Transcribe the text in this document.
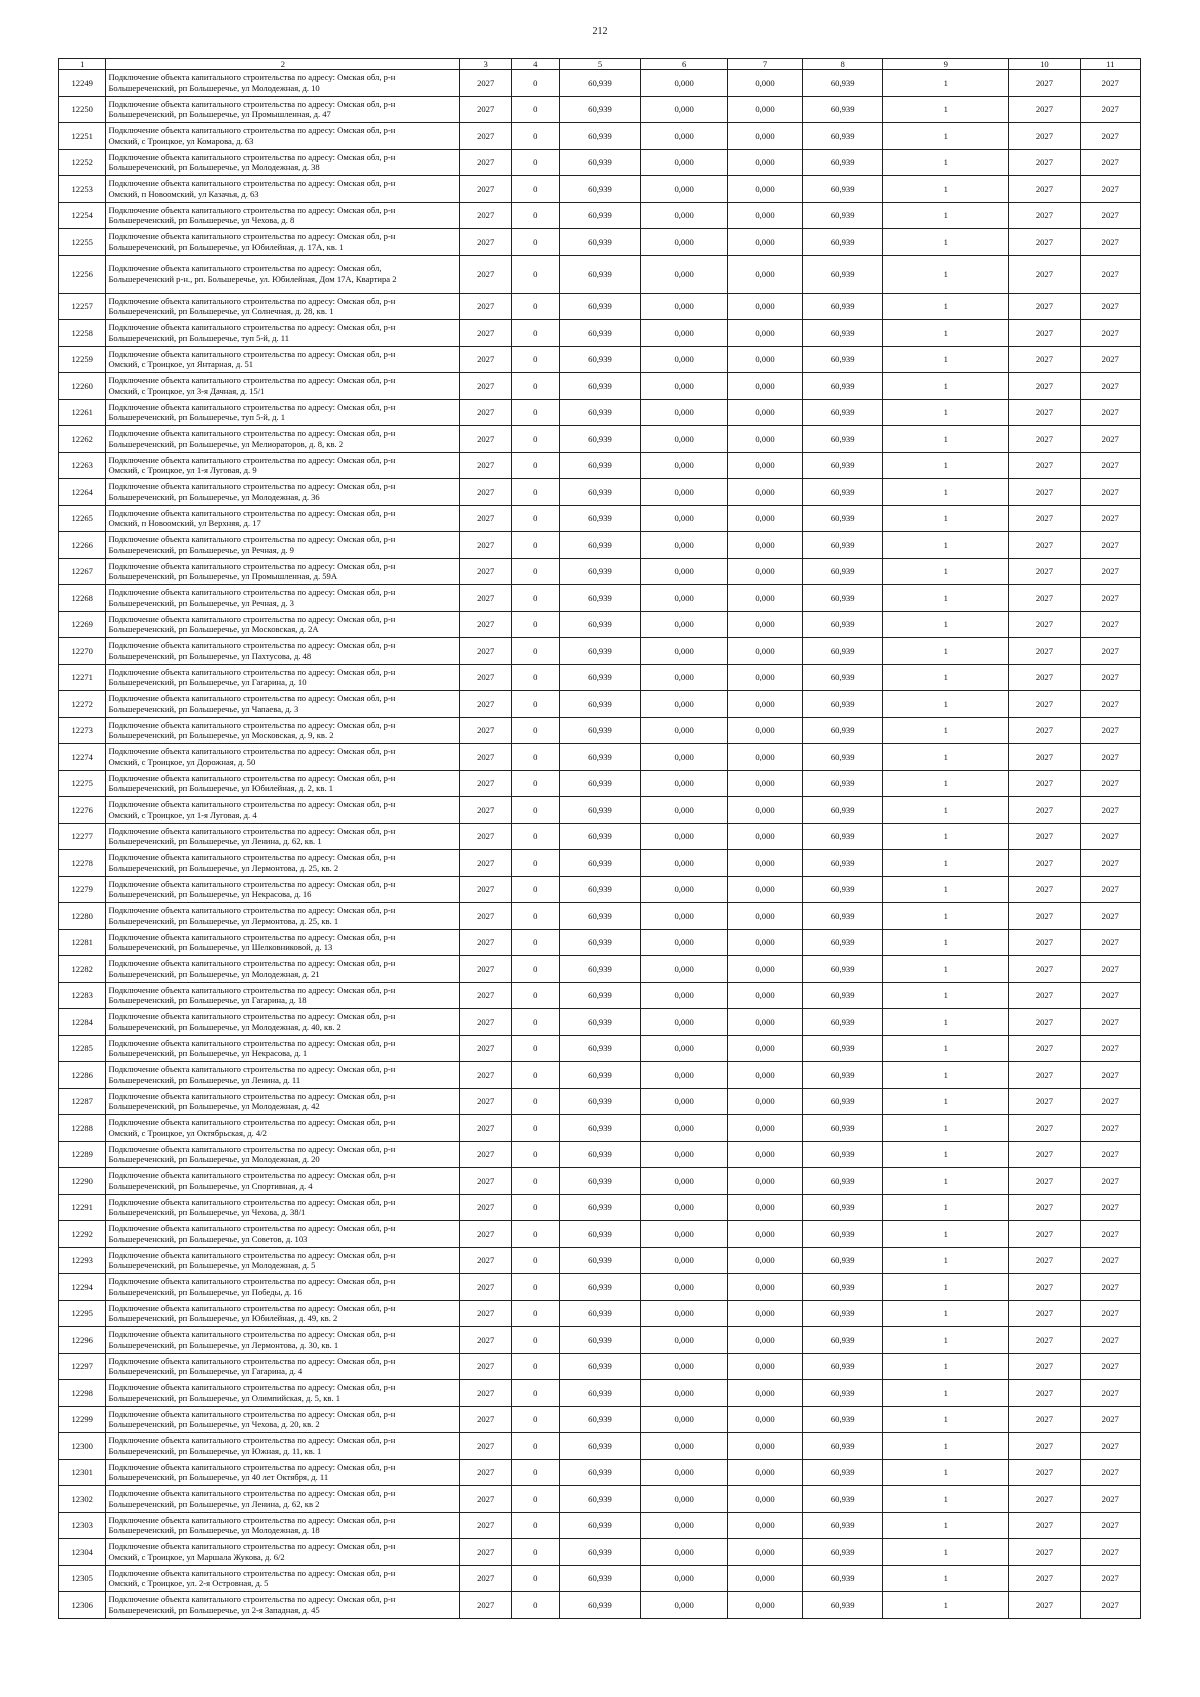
212
1	2	3	4	5	6	7	8	9	10	11
12249	Подключение объекта капитального строительства по адресу: Омская обл, р-н
Большереченский, рп Большеречье, ул Молодежная, д. 10	2027	0	60,939	0,000	0,000	60,939	1	2027	2027
12250	Подключение объекта капитального строительства по адресу: Омская обл, р-н
Большереченский, рп Большеречье, ул Промышленная, д. 47	2027	0	60,939	0,000	0,000	60,939	1	2027	2027
12251	Подключение объекта капитального строительства по адресу: Омская обл, р-н
Омский, с Троицкое, ул Комарова, д. 63	2027	0	60,939	0,000	0,000	60,939	1	2027	2027
12252	Подключение объекта капитального строительства по адресу: Омская обл, р-н
Большереченский, рп Большеречье, ул Молодежная, д. 38	2027	0	60,939	0,000	0,000	60,939	1	2027	2027
12253	Подключение объекта капитального строительства по адресу: Омская обл, р-н
Омский, п Новоомский, ул Казачья, д. 63	2027	0	60,939	0,000	0,000	60,939	1	2027	2027
12254	Подключение объекта капитального строительства по адресу: Омская обл, р-н
Большереченский, рп Большеречье, ул Чехова, д. 8	2027	0	60,939	0,000	0,000	60,939	1	2027	2027
12255	Подключение объекта капитального строительства по адресу: Омская обл, р-н
Большереченский, рп Большеречье, ул Юбилейная, д. 17А, кв. 1	2027	0	60,939	0,000	0,000	60,939	1	2027	2027
12256	Подключение объекта капитального строительства по адресу: Омская обл,
Большереченский р-н., рп. Большеречье, ул. Юбилейная, Дом 17А, Квартира 2	2027	0	60,939	0,000	0,000	60,939	1	2027	2027
12257	Подключение объекта капитального строительства по адресу: Омская обл, р-н
Большереченский, рп Большеречье, ул Солнечная, д. 28, кв. 1	2027	0	60,939	0,000	0,000	60,939	1	2027	2027
12258	Подключение объекта капитального строительства по адресу: Омская обл, р-н
Большереченский, рп Большеречье, туп 5-й, д. 11	2027	0	60,939	0,000	0,000	60,939	1	2027	2027
12259	Подключение объекта капитального строительства по адресу: Омская обл, р-н
Омский, с Троицкое, ул Янтарная, д. 51	2027	0	60,939	0,000	0,000	60,939	1	2027	2027
12260	Подключение объекта капитального строительства по адресу: Омская обл, р-н
Омский, с Троицкое, ул 3-я Дачная, д. 15/1	2027	0	60,939	0,000	0,000	60,939	1	2027	2027
12261	Подключение объекта капитального строительства по адресу: Омская обл, р-н
Большереченский, рп Большеречье, туп 5-й, д. 1	2027	0	60,939	0,000	0,000	60,939	1	2027	2027
12262	Подключение объекта капитального строительства по адресу: Омская обл, р-н
Большереченский, рп Большеречье, ул Мелиораторов, д. 8, кв. 2	2027	0	60,939	0,000	0,000	60,939	1	2027	2027
12263	Подключение объекта капитального строительства по адресу: Омская обл, р-н
Омский, с Троицкое, ул 1-я Луговая, д. 9	2027	0	60,939	0,000	0,000	60,939	1	2027	2027
12264	Подключение объекта капитального строительства по адресу: Омская обл, р-н
Большереченский, рп Большеречье, ул Молодежная, д. 36	2027	0	60,939	0,000	0,000	60,939	1	2027	2027
12265	Подключение объекта капитального строительства по адресу: Омская обл, р-н
Омский, п Новоомский, ул Верхняя, д. 17	2027	0	60,939	0,000	0,000	60,939	1	2027	2027
12266	Подключение объекта капитального строительства по адресу: Омская обл, р-н
Большереченский, рп Большеречье, ул Речная, д. 9	2027	0	60,939	0,000	0,000	60,939	1	2027	2027
12267	Подключение объекта капитального строительства по адресу: Омская обл, р-н
Большереченский, рп Большеречье, ул Промышленная, д. 59А	2027	0	60,939	0,000	0,000	60,939	1	2027	2027
12268	Подключение объекта капитального строительства по адресу: Омская обл, р-н
Большереченский, рп Большеречье, ул Речная, д. 3	2027	0	60,939	0,000	0,000	60,939	1	2027	2027
12269	Подключение объекта капитального строительства по адресу: Омская обл, р-н
Большереченский, рп Большеречье, ул Московская, д. 2А	2027	0	60,939	0,000	0,000	60,939	1	2027	2027
12270	Подключение объекта капитального строительства по адресу: Омская обл, р-н
Большереченский, рп Большеречье, ул Пахтусова, д. 48	2027	0	60,939	0,000	0,000	60,939	1	2027	2027
12271	Подключение объекта капитального строительства по адресу: Омская обл, р-н
Большереченский, рп Большеречье, ул Гагарина, д. 10	2027	0	60,939	0,000	0,000	60,939	1	2027	2027
12272	Подключение объекта капитального строительства по адресу: Омская обл, р-н
Большереченский, рп Большеречье, ул Чапаева, д. 3	2027	0	60,939	0,000	0,000	60,939	1	2027	2027
12273	Подключение объекта капитального строительства по адресу: Омская обл, р-н
Большереченский, рп Большеречье, ул Московская, д. 9, кв. 2	2027	0	60,939	0,000	0,000	60,939	1	2027	2027
12274	Подключение объекта капитального строительства по адресу: Омская обл, р-н
Омский, с Троицкое, ул Дорожная, д. 50	2027	0	60,939	0,000	0,000	60,939	1	2027	2027
12275	Подключение объекта капитального строительства по адресу: Омская обл, р-н
Большереченский, рп Большеречье, ул Юбилейная, д. 2, кв. 1	2027	0	60,939	0,000	0,000	60,939	1	2027	2027
12276	Подключение объекта капитального строительства по адресу: Омская обл, р-н
Омский, с Троицкое, ул 1-я Луговая, д. 4	2027	0	60,939	0,000	0,000	60,939	1	2027	2027
12277	Подключение объекта капитального строительства по адресу: Омская обл, р-н
Большереченский, рп Большеречье, ул Ленина, д. 62, кв. 1	2027	0	60,939	0,000	0,000	60,939	1	2027	2027
12278	Подключение объекта капитального строительства по адресу: Омская обл, р-н
Большереченский, рп Большеречье, ул Лермонтова, д. 25, кв. 2	2027	0	60,939	0,000	0,000	60,939	1	2027	2027
12279	Подключение объекта капитального строительства по адресу: Омская обл, р-н
Большереченский, рп Большеречье, ул Некрасова, д. 16	2027	0	60,939	0,000	0,000	60,939	1	2027	2027
12280	Подключение объекта капитального строительства по адресу: Омская обл, р-н
Большереченский, рп Большеречье, ул Лермонтова, д. 25, кв. 1	2027	0	60,939	0,000	0,000	60,939	1	2027	2027
12281	Подключение объекта капитального строительства по адресу: Омская обл, р-н
Большереченский, рп Большеречье, ул Шелковниковой, д. 13	2027	0	60,939	0,000	0,000	60,939	1	2027	2027
12282	Подключение объекта капитального строительства по адресу: Омская обл, р-н
Большереченский, рп Большеречье, ул Молодежная, д. 21	2027	0	60,939	0,000	0,000	60,939	1	2027	2027
12283	Подключение объекта капитального строительства по адресу: Омская обл, р-н
Большереченский, рп Большеречье, ул Гагарина, д. 18	2027	0	60,939	0,000	0,000	60,939	1	2027	2027
12284	Подключение объекта капитального строительства по адресу: Омская обл, р-н
Большереченский, рп Большеречье, ул Молодежная, д. 40, кв. 2	2027	0	60,939	0,000	0,000	60,939	1	2027	2027
12285	Подключение объекта капитального строительства по адресу: Омская обл, р-н
Большереченский, рп Большеречье, ул Некрасова, д. 1	2027	0	60,939	0,000	0,000	60,939	1	2027	2027
12286	Подключение объекта капитального строительства по адресу: Омская обл, р-н
Большереченский, рп Большеречье, ул Ленина, д. 11	2027	0	60,939	0,000	0,000	60,939	1	2027	2027
12287	Подключение объекта капитального строительства по адресу: Омская обл, р-н
Большереченский, рп Большеречье, ул Молодежная, д. 42	2027	0	60,939	0,000	0,000	60,939	1	2027	2027
12288	Подключение объекта капитального строительства по адресу: Омская обл, р-н
Омский, с Троицкое, ул Октябрьская, д. 4/2	2027	0	60,939	0,000	0,000	60,939	1	2027	2027
12289	Подключение объекта капитального строительства по адресу: Омская обл, р-н
Большереченский, рп Большеречье, ул Молодежная, д. 20	2027	0	60,939	0,000	0,000	60,939	1	2027	2027
12290	Подключение объекта капитального строительства по адресу: Омская обл, р-н
Большереченский, рп Большеречье, ул Спортивная, д. 4	2027	0	60,939	0,000	0,000	60,939	1	2027	2027
12291	Подключение объекта капитального строительства по адресу: Омская обл, р-н
Большереченский, рп Большеречье, ул Чехова, д. 38/1	2027	0	60,939	0,000	0,000	60,939	1	2027	2027
12292	Подключение объекта капитального строительства по адресу: Омская обл, р-н
Большереченский, рп Большеречье, ул Советов, д. 103	2027	0	60,939	0,000	0,000	60,939	1	2027	2027
12293	Подключение объекта капитального строительства по адресу: Омская обл, р-н
Большереченский, рп Большеречье, ул Молодежная, д. 5	2027	0	60,939	0,000	0,000	60,939	1	2027	2027
12294	Подключение объекта капитального строительства по адресу: Омская обл, р-н
Большереченский, рп Большеречье, ул Победы, д. 16	2027	0	60,939	0,000	0,000	60,939	1	2027	2027
12295	Подключение объекта капитального строительства по адресу: Омская обл, р-н
Большереченский, рп Большеречье, ул Юбилейная, д. 49, кв. 2	2027	0	60,939	0,000	0,000	60,939	1	2027	2027
12296	Подключение объекта капитального строительства по адресу: Омская обл, р-н
Большереченский, рп Большеречье, ул Лермонтова, д. 30, кв. 1	2027	0	60,939	0,000	0,000	60,939	1	2027	2027
12297	Подключение объекта капитального строительства по адресу: Омская обл, р-н
Большереченский, рп Большеречье, ул Гагарина, д. 4	2027	0	60,939	0,000	0,000	60,939	1	2027	2027
12298	Подключение объекта капитального строительства по адресу: Омская обл, р-н
Большереченский, рп Большеречье, ул Олимпийская, д. 5, кв. 1	2027	0	60,939	0,000	0,000	60,939	1	2027	2027
12299	Подключение объекта капитального строительства по адресу: Омская обл, р-н
Большереченский, рп Большеречье, ул Чехова, д. 20, кв. 2	2027	0	60,939	0,000	0,000	60,939	1	2027	2027
12300	Подключение объекта капитального строительства по адресу: Омская обл, р-н
Большереченский, рп Большеречье, ул Южная, д. 11, кв. 1	2027	0	60,939	0,000	0,000	60,939	1	2027	2027
12301	Подключение объекта капитального строительства по адресу: Омская обл, р-н
Большереченский, рп Большеречье, ул 40 лет Октября, д. 11	2027	0	60,939	0,000	0,000	60,939	1	2027	2027
12302	Подключение объекта капитального строительства по адресу: Омская обл, р-н
Большереченский, рп Большеречье, ул Ленина, д. 62, кв 2	2027	0	60,939	0,000	0,000	60,939	1	2027	2027
12303	Подключение объекта капитального строительства по адресу: Омская обл, р-н
Большереченский, рп Большеречье, ул Молодежная, д. 18	2027	0	60,939	0,000	0,000	60,939	1	2027	2027
12304	Подключение объекта капитального строительства по адресу: Омская обл, р-н
Омский, с Троицкое, ул Маршала Жукова, д. 6/2	2027	0	60,939	0,000	0,000	60,939	1	2027	2027
12305	Подключение объекта капитального строительства по адресу: Омская обл, р-н
Омский, с Троицкое, ул. 2-я Островная, д. 5	2027	0	60,939	0,000	0,000	60,939	1	2027	2027
12306	Подключение объекта капитального строительства по адресу: Омская обл, р-н
Большереченский, рп Большеречье, ул 2-я Западная, д. 45	2027	0	60,939	0,000	0,000	60,939	1	2027	2027
